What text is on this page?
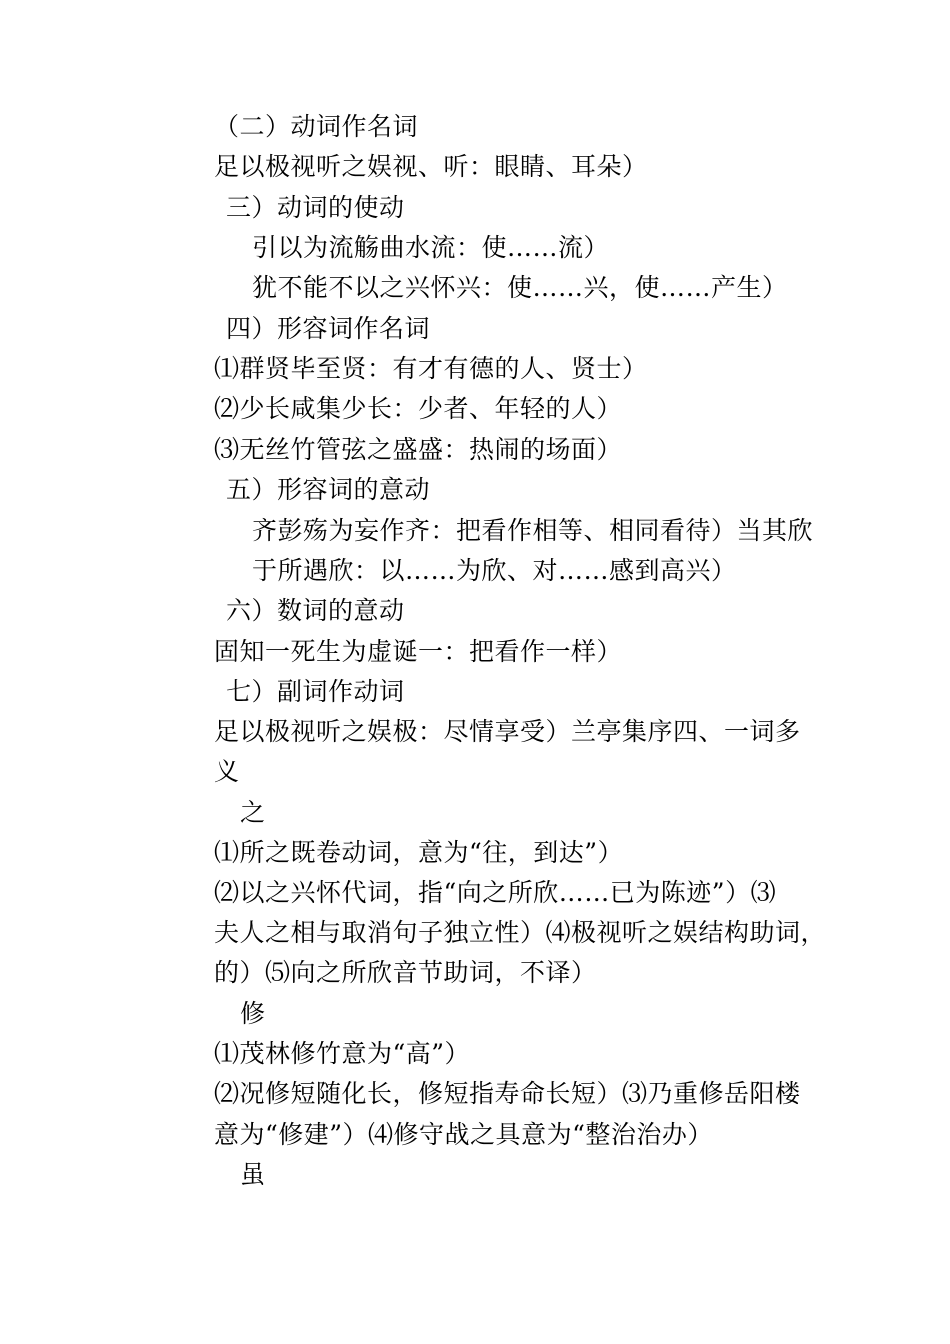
（二）动词作名词
足以极视听之娱视、听：眼睛、耳朵）
三）动词的使动
引以为流觞曲水流：使……流）
犹不能不以之兴怀兴：使……兴，使……产生）
四）形容词作名词
⑴群贤毕至贤：有才有德的人、贤士）
⑵少长咸集少长：少者、年轻的人）
⑶无丝竹管弦之盛盛：热闹的场面）
五）形容词的意动
齐彭殇为妄作齐：把看作相等、相同看待）当其欣
于所遇欣：以……为欣、对……感到高兴）
六）数词的意动
固知一死生为虚诞一：把看作一样）
七）副词作动词
足以极视听之娱极：尽情享受）兰亭集序四、一词多
义
之
⑴所之既卷动词，意为“往，到达”）
⑵以之兴怀代词，指“向之所欣……已为陈迹”）⑶
夫人之相与取消句子独立性）⑷极视听之娱结构助词，
的）⑸向之所欣音节助词，不译）
修
⑴茂林修竹意为“高”）
⑵况修短随化长，修短指寿命长短）⑶乃重修岳阳楼
意为“修建”）⑷修守战之具意为“整治治办）
虽
